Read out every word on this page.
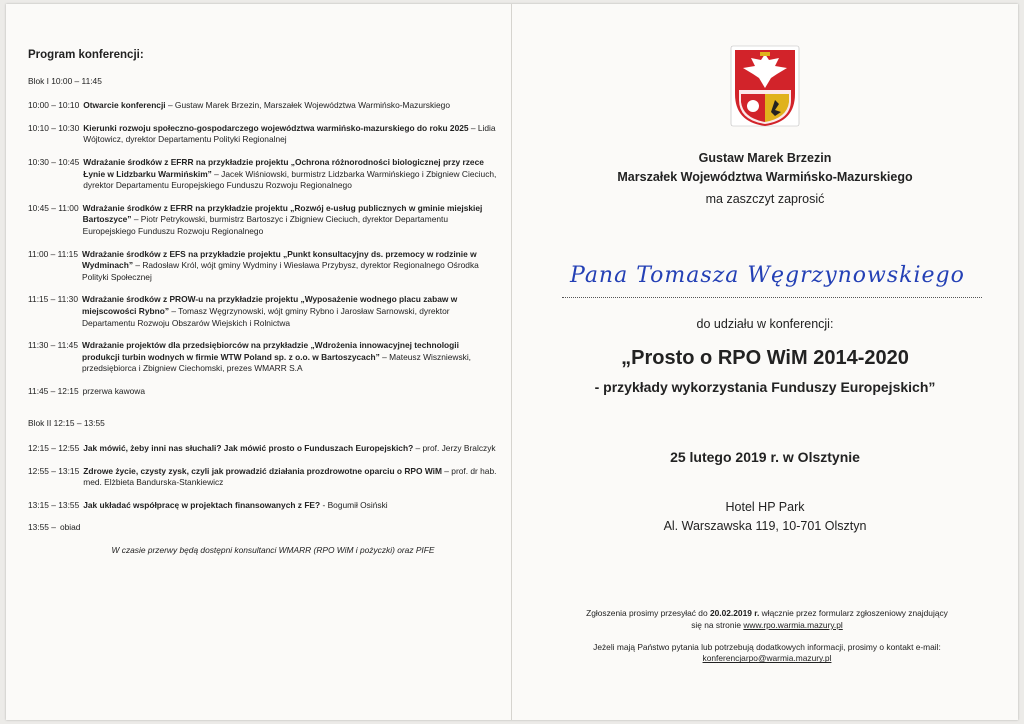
Program konferencji:
Blok I 10:00 – 11:45
10:00 – 10:10 Otwarcie konferencji – Gustaw Marek Brzezin, Marszałek Województwa Warmińsko-Mazurskiego
10:10 – 10:30 Kierunki rozwoju społeczno-gospodarczego województwa warmińsko-mazurskiego do roku 2025 – Lidia Wójtowicz, dyrektor Departamentu Polityki Regionalnej
10:30 – 10:45 Wdrażanie środków z EFRR na przykładzie projektu „Ochrona różnorodności biologicznej przy rzece Łynie w Lidzbarku Warmińskim” – Jacek Wiśniowski, burmistrz Lidzbarka Warmińskiego i Zbigniew Cieciuch, dyrektor Departamentu Europejskiego Funduszu Rozwoju Regionalnego
10:45 – 11:00 Wdrażanie środków z EFRR na przykładzie projektu „Rozwój e-usług publicznych w gminie miejskiej Bartoszyce” – Piotr Petrykowski, burmistrz Bartoszyc i Zbigniew Cieciuch, dyrektor Departamentu Europejskiego Funduszu Rozwoju Regionalnego
11:00 – 11:15 Wdrażanie środków z EFS na przykładzie projektu „Punkt konsultacyjny ds. przemocy w rodzinie w Wydminach” – Radosław Król, wójt gminy Wydminy i Wiesława Przybysz, dyrektor Regionalnego Ośrodka Polityki Społecznej
11:15 – 11:30 Wdrażanie środków z PROW-u na przykładzie projektu „Wyposażenie wodnego placu zabaw w miejscowości Rybno” – Tomasz Węgrzynowski, wójt gminy Rybno i Jarosław Sarnowski, dyrektor Departamentu Rozwoju Obszarów Wiejskich i Rolnictwa
11:30 – 11:45 Wdrażanie projektów dla przedsiębiorców na przykładzie „Wdrożenia innowacyjnej technologii produkcji turbin wodnych w firmie WTW Poland sp. z o.o. w Bartoszycach” – Mateusz Wiszniewski, przedsiębiorca i Zbigniew Ciechomski, prezes WMARR S.A
11:45 – 12:15 przerwa kawowa
Blok II 12:15 – 13:55
12:15 – 12:55 Jak mówić, żeby inni nas słuchali? Jak mówić prosto o Funduszach Europejskich? – prof. Jerzy Bralczyk
12:55 – 13:15 Zdrowe życie, czysty zysk, czyli jak prowadzić działania prozdrowotne oparciu o RPO WiM – prof. dr hab. med. Elżbieta Bandurska-Stankiewicz
13:15 – 13:55 Jak układać współpracę w projektach finansowanych z FE? - Bogumił Osiński
13:55 – obiad
W czasie przerwy będą dostępni konsultanci WMARR (RPO WiM i pożyczki) oraz PIFE
Gustaw Marek Brzezin
Marszałek Województwa Warmińsko-Mazurskiego
ma zaszczyt zaprosić
Pana Tomasza Węgrzynowskiego
do udziału w konferencji:
„Prosto o RPO WiM 2014-2020
- przykłady wykorzystania Funduszy Europejskich”
25 lutego 2019 r. w Olsztynie
Hotel HP Park
Al. Warszawska 119, 10-701 Olsztyn

Zgłoszenia prosimy przesyłać do 20.02.2019 r. włącznie przez formularz zgłoszeniowy znajdujący się na stronie www.rpo.warmia.mazury.pl

Jeżeli mają Państwo pytania lub potrzebują dodatkowych informacji, prosimy o kontakt e-mail: konferencjarpo@warmia.mazury.pl
